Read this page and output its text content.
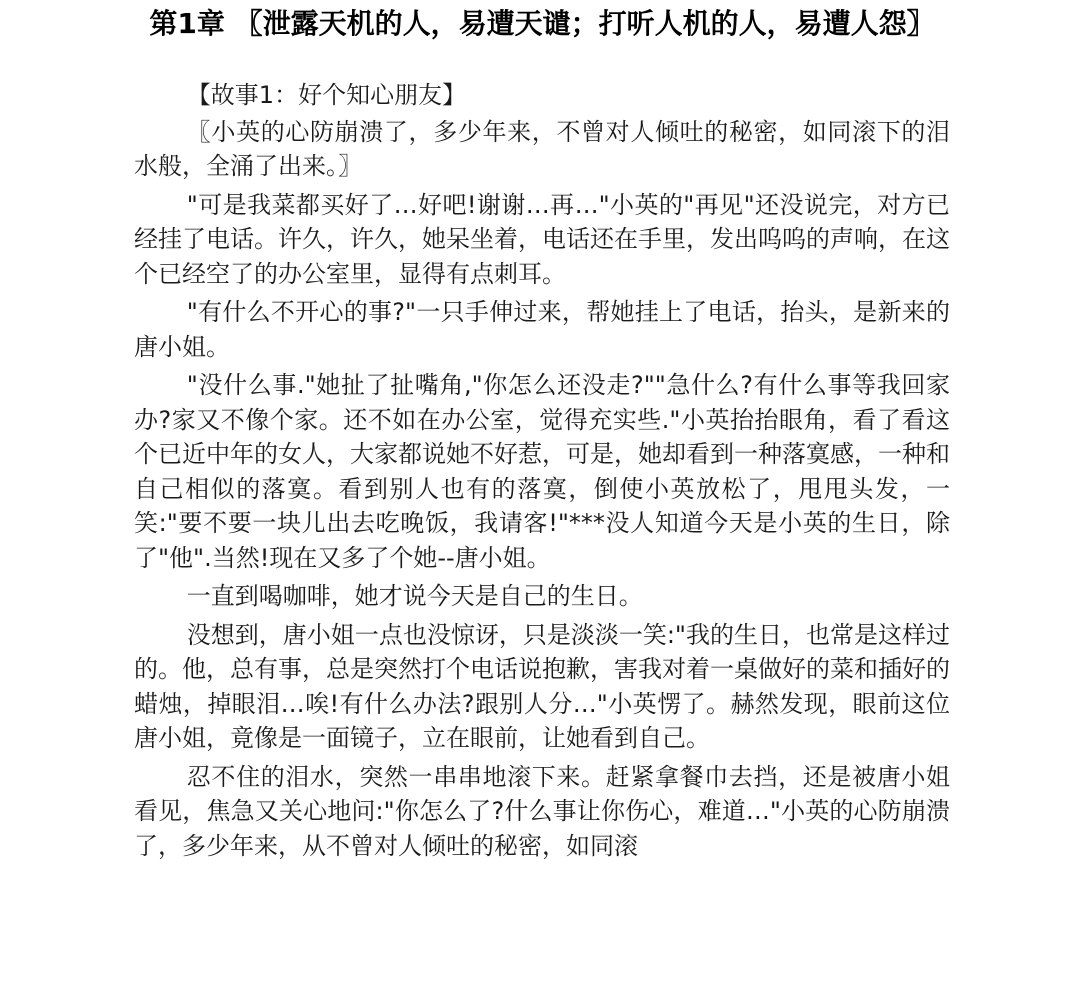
第1章 〖泄露天机的人，易遭天谴；打听人机的人，易遭人怨〗

【故事1：好个知心朋友】

〖小英的心防崩溃了，多少年来，不曾对人倾吐的秘密，如同滚下的泪水般，全涌了出来。〗

"可是我菜都买好了…好吧!谢谢…再…"小英的"再见"还没说完，对方已经挂了电话。许久，许久，她呆坐着，电话还在手里，发出呜呜的声响，在这个已经空了的办公室里，显得有点刺耳。

"有什么不开心的事?"一只手伸过来，帮她挂上了电话，抬头，是新来的唐小姐。

"没什么事."她扯了扯嘴角,"你怎么还没走?""急什么?有什么事等我回家办?家又不像个家。还不如在办公室，觉得充实些."小英抬抬眼角，看了看这个已近中年的女人，大家都说她不好惹，可是，她却看到一种落寞感，一种和自己相似的落寞。看到别人也有的落寞，倒使小英放松了，甩甩头发，一笑:"要不要一块儿出去吃晚饭，我请客!"***没人知道今天是小英的生日，除了"他".当然!现在又多了个她--唐小姐。

一直到喝咖啡，她才说今天是自己的生日。

没想到，唐小姐一点也没惊讶，只是淡淡一笑:"我的生日，也常是这样过的。他，总有事，总是突然打个电话说抱歉，害我对着一桌做好的菜和插好的蜡烛，掉眼泪…唉!有什么办法?跟别人分…"小英愣了。赫然发现，眼前这位唐小姐，竟像是一面镜子，立在眼前，让她看到自己。

忍不住的泪水，突然一串串地滚下来。赶紧拿餐巾去挡，还是被唐小姐看见，焦急又关心地问:"你怎么了?什么事让你伤心，难道…"小英的心防崩溃了，多少年来，从不曾对人倾吐的秘密，如同滚
